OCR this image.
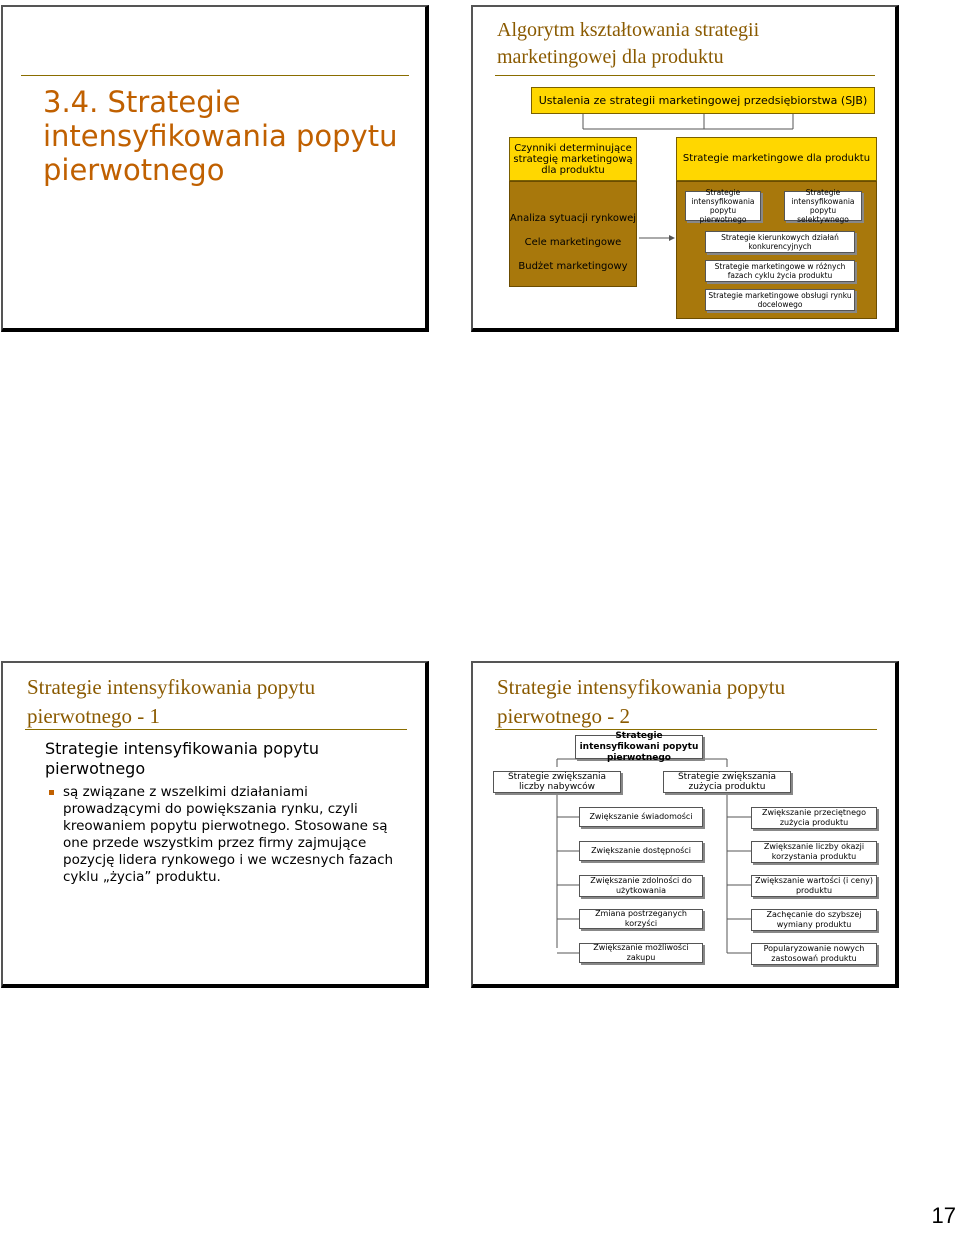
3.4. Strategie intensyfikowania popytu pierwotnego
Algorytm kształtowania strategii marketingowej dla produktu
Ustalenia ze strategii marketingowej przedsiębiorstwa (SJB)
Czynniki determinujące strategię marketingową dla produktu
Analiza sytuacji rynkowej
Cele marketingowe
Budżet marketingowy
Strategie marketingowe dla produktu
Strategie intensyfikowania popytu pierwotnego
Strategie intensyfikowania popytu selektywnego
Strategie kierunkowych działań konkurencyjnych
Strategie marketingowe w różnych fazach cyklu życia produktu
Strategie marketingowe obsługi rynku docelowego
Strategie intensyfikowania popytu pierwotnego - 1
Strategie intensyfikowania popytu pierwotnego
są związane z wszelkimi działaniami prowadzącymi do powiększania rynku, czyli kreowaniem popytu pierwotnego. Stosowane są one przede wszystkim przez firmy zajmujące pozycję lidera rynkowego i we wczesnych fazach cyklu „życia” produktu.
Strategie intensyfikowania popytu pierwotnego - 2
Strategie intensyfikowani popytu pierwotnego
Strategie zwiększania liczby nabywców
Strategie zwiększania zużycia produktu
Zwiększanie świadomości
Zwiększanie dostępności
Zwiększanie zdolności do użytkowania
Zmiana postrzeganych korzyści
Zwiększanie możliwości zakupu
Zwiększanie przeciętnego zużycia produktu
Zwiększanie liczby okazji korzystania produktu
Zwiększanie wartości (i ceny) produktu
Zachęcanie do szybszej wymiany produktu
Popularyzowanie nowych zastosowań produktu
17
